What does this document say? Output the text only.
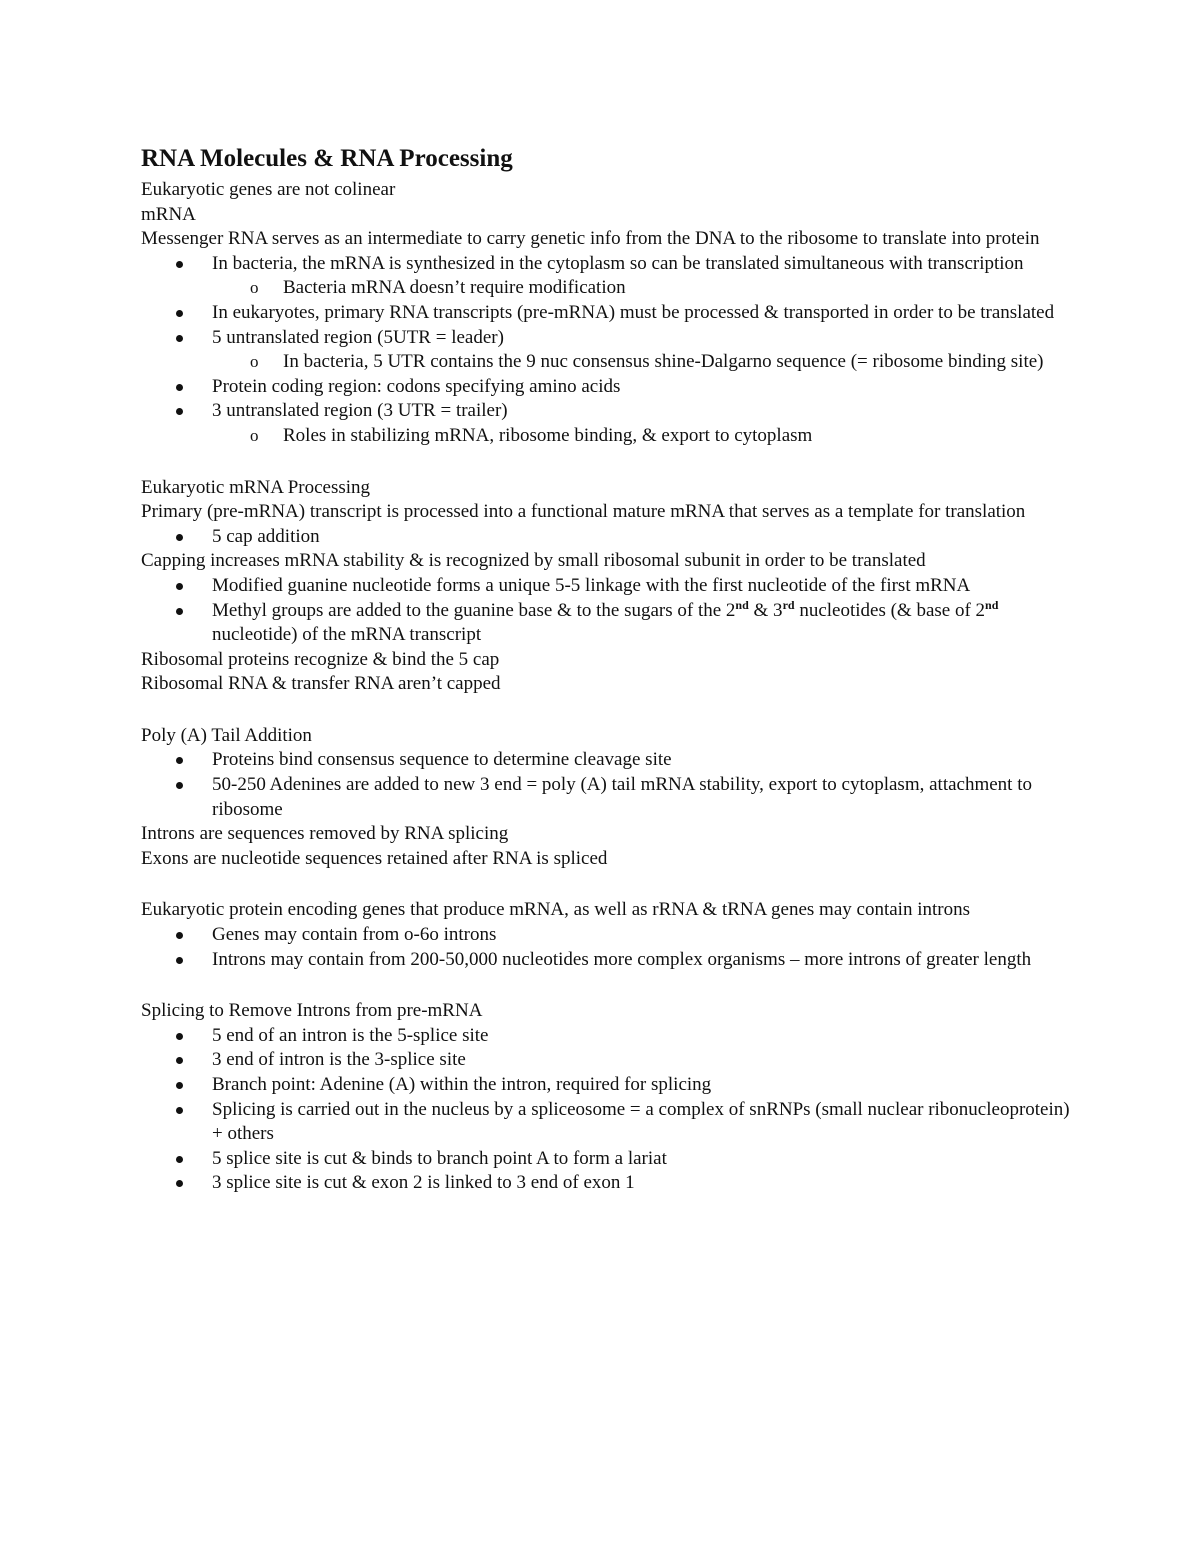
RNA Molecules & RNA Processing

Eukaryotic genes are not colinear

mRNA

Messenger RNA serves as an intermediate to carry genetic info from the DNA to the ribosome to translate into protein

In bacteria, the mRNA is synthesized in the cytoplasm so can be translated simultaneous with transcription
o Bacteria mRNA doesn’t require modification
In eukaryotes, primary RNA transcripts (pre-mRNA) must be processed & transported in order to be translated
5 untranslated region (5UTR = leader)
o In bacteria, 5 UTR contains the 9 nuc consensus shine-Dalgarno sequence (= ribosome binding site)
Protein coding region: codons specifying amino acids
3 untranslated region (3 UTR = trailer)
o Roles in stabilizing mRNA, ribosome binding, & export to cytoplasm

Eukaryotic mRNA Processing

Primary (pre-mRNA) transcript is processed into a functional mature mRNA that serves as a template for translation

5 cap addition

Capping increases mRNA stability & is recognized by small ribosomal subunit in order to be translated

Modified guanine nucleotide forms a unique 5-5 linkage with the first nucleotide of the first mRNA
Methyl groups are added to the guanine base & to the sugars of the 2nd & 3rd nucleotides (& base of 2nd nucleotide) of the mRNA transcript

Ribosomal proteins recognize & bind the 5 cap

Ribosomal RNA & transfer RNA aren’t capped

Poly (A) Tail Addition

Proteins bind consensus sequence to determine cleavage site
50-250 Adenines are added to new 3 end = poly (A) tail mRNA stability, export to cytoplasm, attachment to ribosome

Introns are sequences removed by RNA splicing

Exons are nucleotide sequences retained after RNA is spliced

Eukaryotic protein encoding genes that produce mRNA, as well as rRNA & tRNA genes may contain introns

Genes may contain from o-6o introns
Introns may contain from 200-50,000 nucleotides more complex organisms – more introns of greater length

Splicing to Remove Introns from pre-mRNA

5 end of an intron is the 5-splice site
3 end of intron is the 3-splice site
Branch point: Adenine (A) within the intron, required for splicing
Splicing is carried out in the nucleus by a spliceosome = a complex of snRNPs (small nuclear ribonucleoprotein) + others
5 splice site is cut & binds to branch point A to form a lariat
3 splice site is cut & exon 2 is linked to 3 end of exon 1
